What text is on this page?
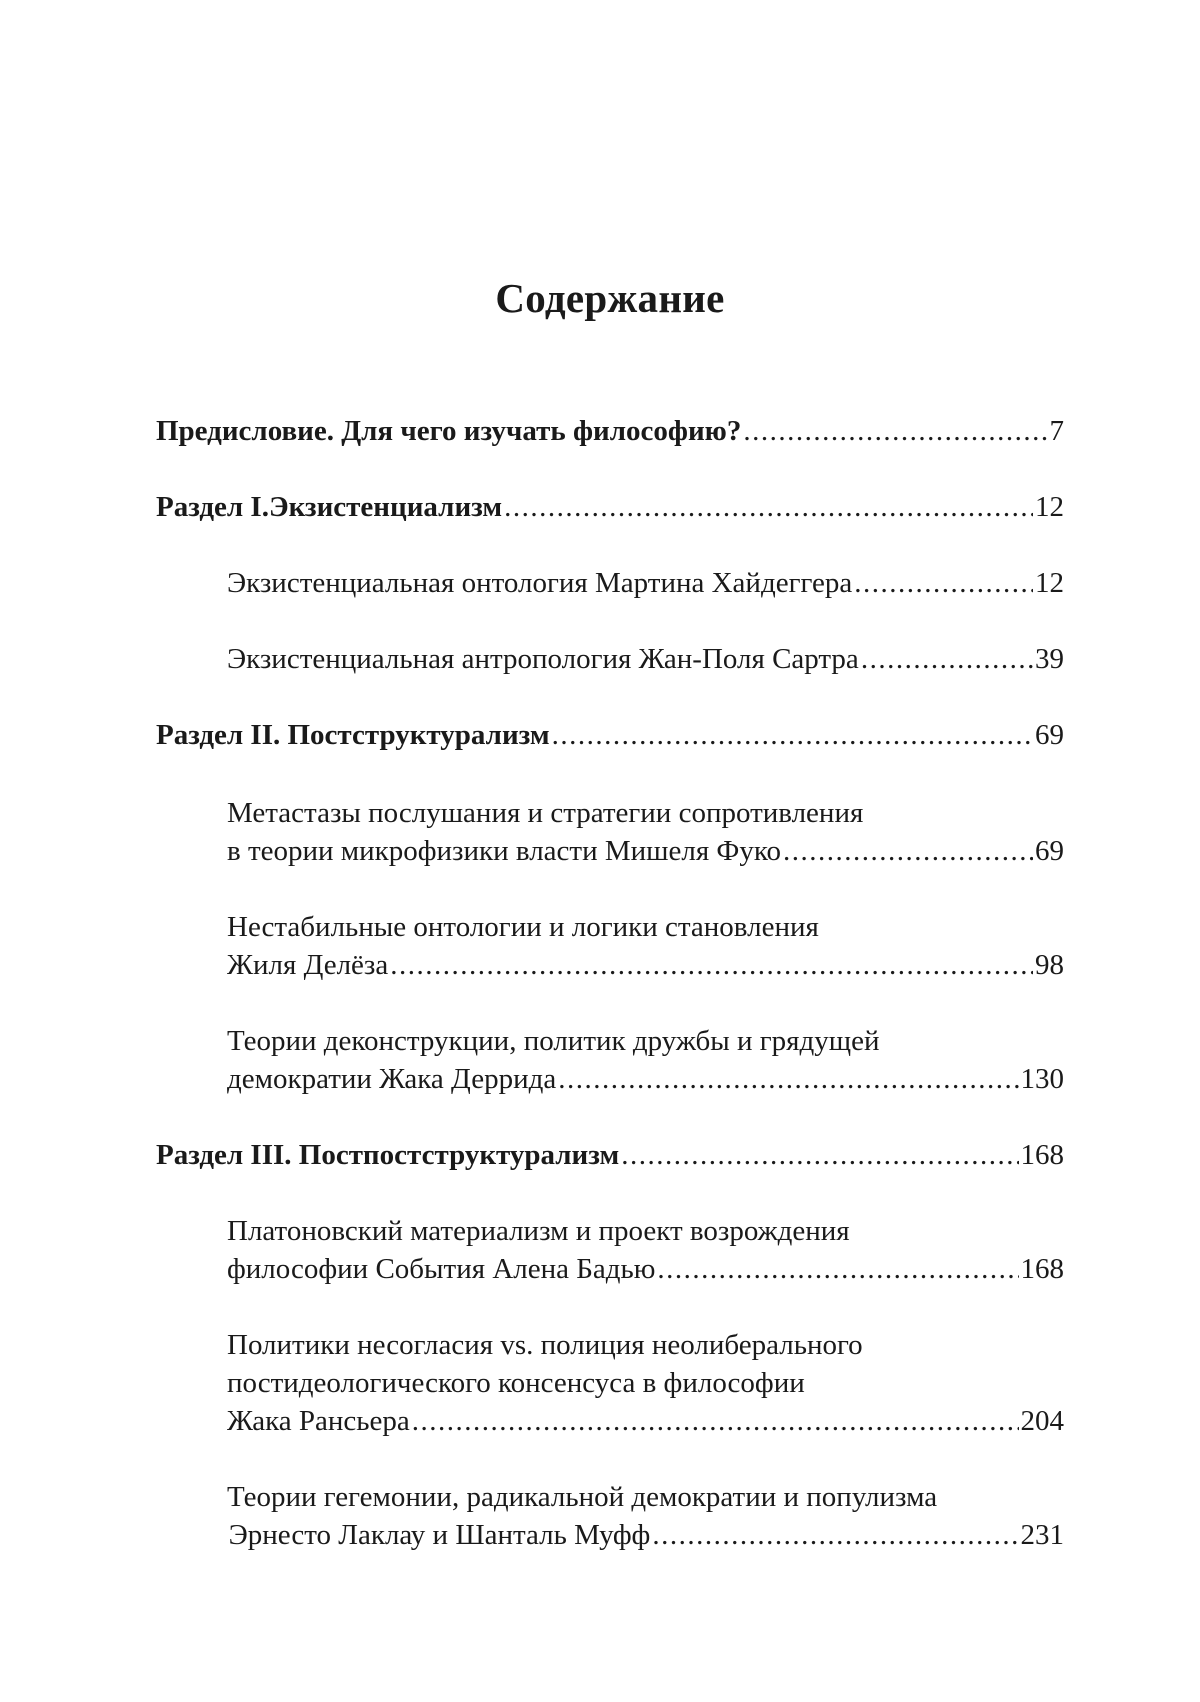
Содержание
Предисловие. Для чего изучать философию? .....	7
Раздел I.Экзистенциализм .....	12
Экзистенциальная онтология Мартина Хайдеггера .....	12
Экзистенциальная антропология Жан-Поля Сартра .....	39
Раздел II. Постструктурализм .....	69
Метастазы послушания и стратегии сопротивления
в теории микрофизики власти Мишеля Фуко .....	69
Нестабильные онтологии и логики становления
Жиля Делёза .....	98
Теории деконструкции, политик дружбы и грядущей
демократии Жака Деррида .....	130
Раздел III. Постпостструктурализм .....	168
Платоновский материализм и проект возрождения
философии События Алена Бадью .....	168
Политики несогласия vs. полиция неолиберального
постидеологического консенсуса в философии
Жака Рансьера .....	204
Теории гегемонии, радикальной демократии и популизма
Эрнесто Лаклау и Шанталь Муфф .....	231
